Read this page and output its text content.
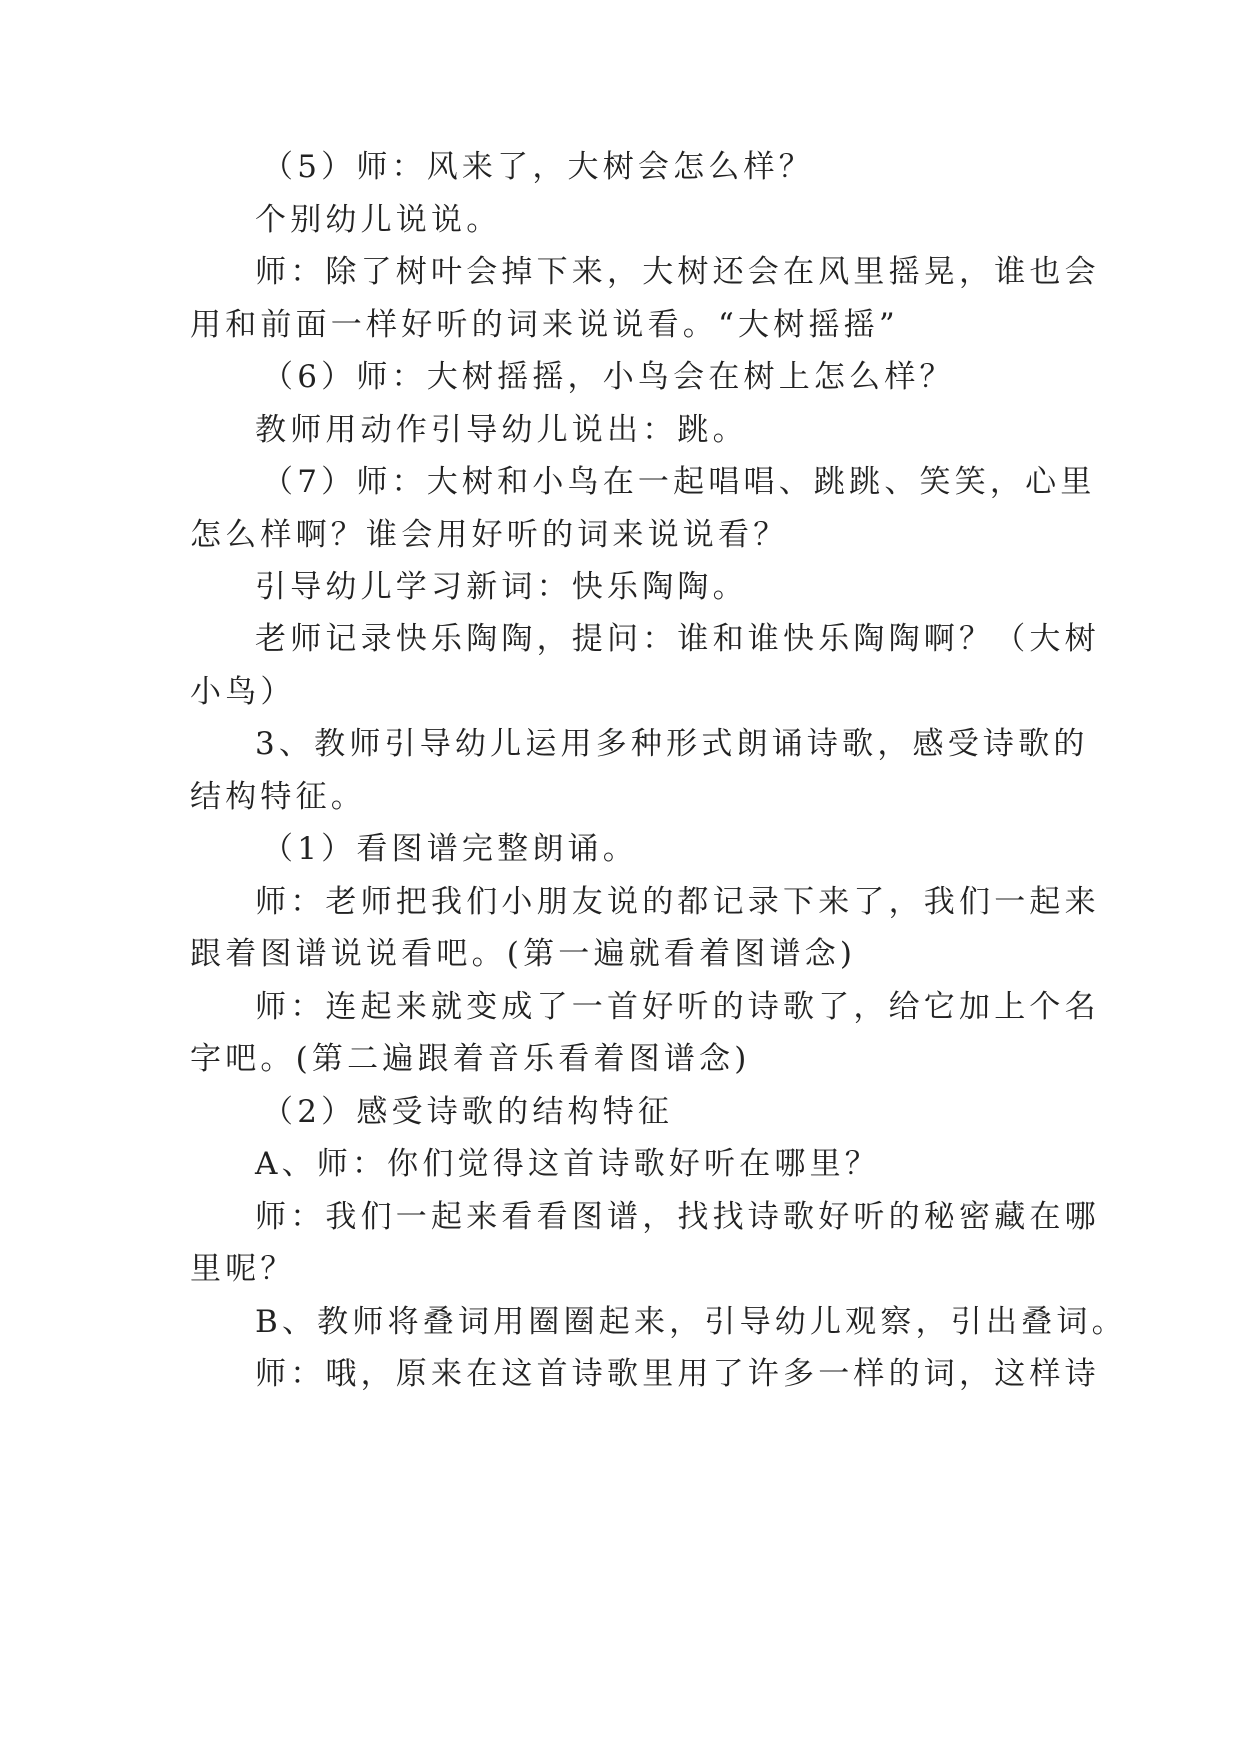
（5）师：风来了，大树会怎么样？
个别幼儿说说。
师：除了树叶会掉下来，大树还会在风里摇晃，谁也会
用和前面一样好听的词来说说看。“大树摇摇”
（6）师：大树摇摇，小鸟会在树上怎么样？
教师用动作引导幼儿说出：跳。
（7）师：大树和小鸟在一起唱唱、跳跳、笑笑，心里
怎么样啊？谁会用好听的词来说说看？
引导幼儿学习新词：快乐陶陶。
老师记录快乐陶陶，提问：谁和谁快乐陶陶啊？（大树
小鸟）
3、教师引导幼儿运用多种形式朗诵诗歌，感受诗歌的
结构特征。
（1）看图谱完整朗诵。
师：老师把我们小朋友说的都记录下来了，我们一起来
跟着图谱说说看吧。(第一遍就看着图谱念)
师：连起来就变成了一首好听的诗歌了，给它加上个名
字吧。(第二遍跟着音乐看着图谱念)
（2）感受诗歌的结构特征
A、师：你们觉得这首诗歌好听在哪里？
师：我们一起来看看图谱，找找诗歌好听的秘密藏在哪
里呢？
B、教师将叠词用圈圈起来，引导幼儿观察，引出叠词。
师：哦，原来在这首诗歌里用了许多一样的词，这样诗
